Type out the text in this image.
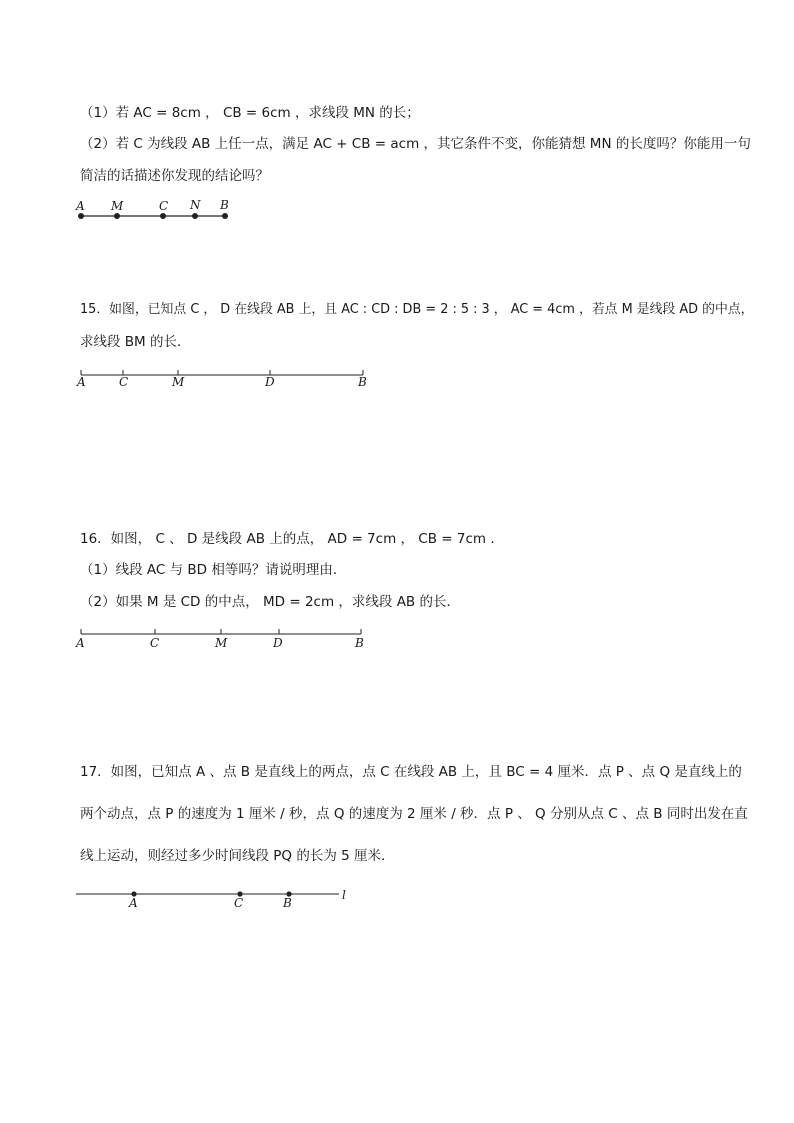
（1）若 AC = 8cm ， CB = 6cm ，求线段 MN 的长；
（2）若 C 为线段 AB 上任一点，满足 AC + CB = acm ，其它条件不变，你能猜想 MN 的长度吗？你能用一句
简洁的话描述你发现的结论吗？
A M	C N B
A	C	M	D	B
A	C	M	D	B
A	C	B
l
15．如图，已知点 C ， D 在线段 AB 上，且 AC : CD : DB = 2 : 5 : 3 ， AC = 4cm ，若点 M 是线段 AD 的中点，
求线段 BM 的长．
16．如图， C 、 D 是线段 AB 上的点， AD = 7cm ， CB = 7cm ．
（1）线段 AC 与 BD 相等吗？请说明理由．
（2）如果 M 是 CD 的中点， MD = 2cm ，求线段 AB 的长．
17．如图，已知点 A 、点 B 是直线上的两点，点 C 在线段 AB 上，且 BC = 4 厘米．点 P 、点 Q 是直线上的
两个动点，点 P 的速度为 1 厘米 / 秒，点 Q 的速度为 2 厘米 / 秒．点 P 、 Q 分别从点 C 、点 B 同时出发在直
线上运动，则经过多少时间线段 PQ 的长为 5 厘米．
